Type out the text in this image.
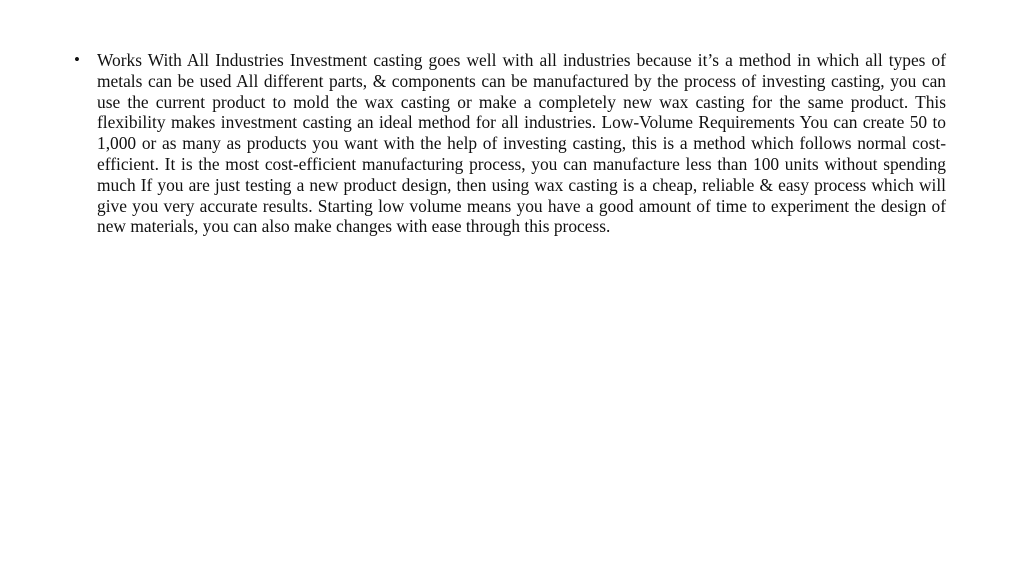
• Works With All Industries Investment casting goes well with all industries because it’s a method in which all types of metals can be used All different parts, & components can be manufactured by the process of investing casting, you can use the current product to mold the wax casting or make a completely new wax casting for the same product. This flexibility makes investment casting an ideal method for all industries. Low-Volume Requirements You can create 50 to 1,000 or as many as products you want with the help of investing casting, this is a method which follows normal cost-efficient. It is the most cost-efficient manufacturing process, you can manufacture less than 100 units without spending much If you are just testing a new product design, then using wax casting is a cheap, reliable & easy process which will give you very accurate results. Starting low volume means you have a good amount of time to experiment the design of new materials, you can also make changes with ease through this process.
